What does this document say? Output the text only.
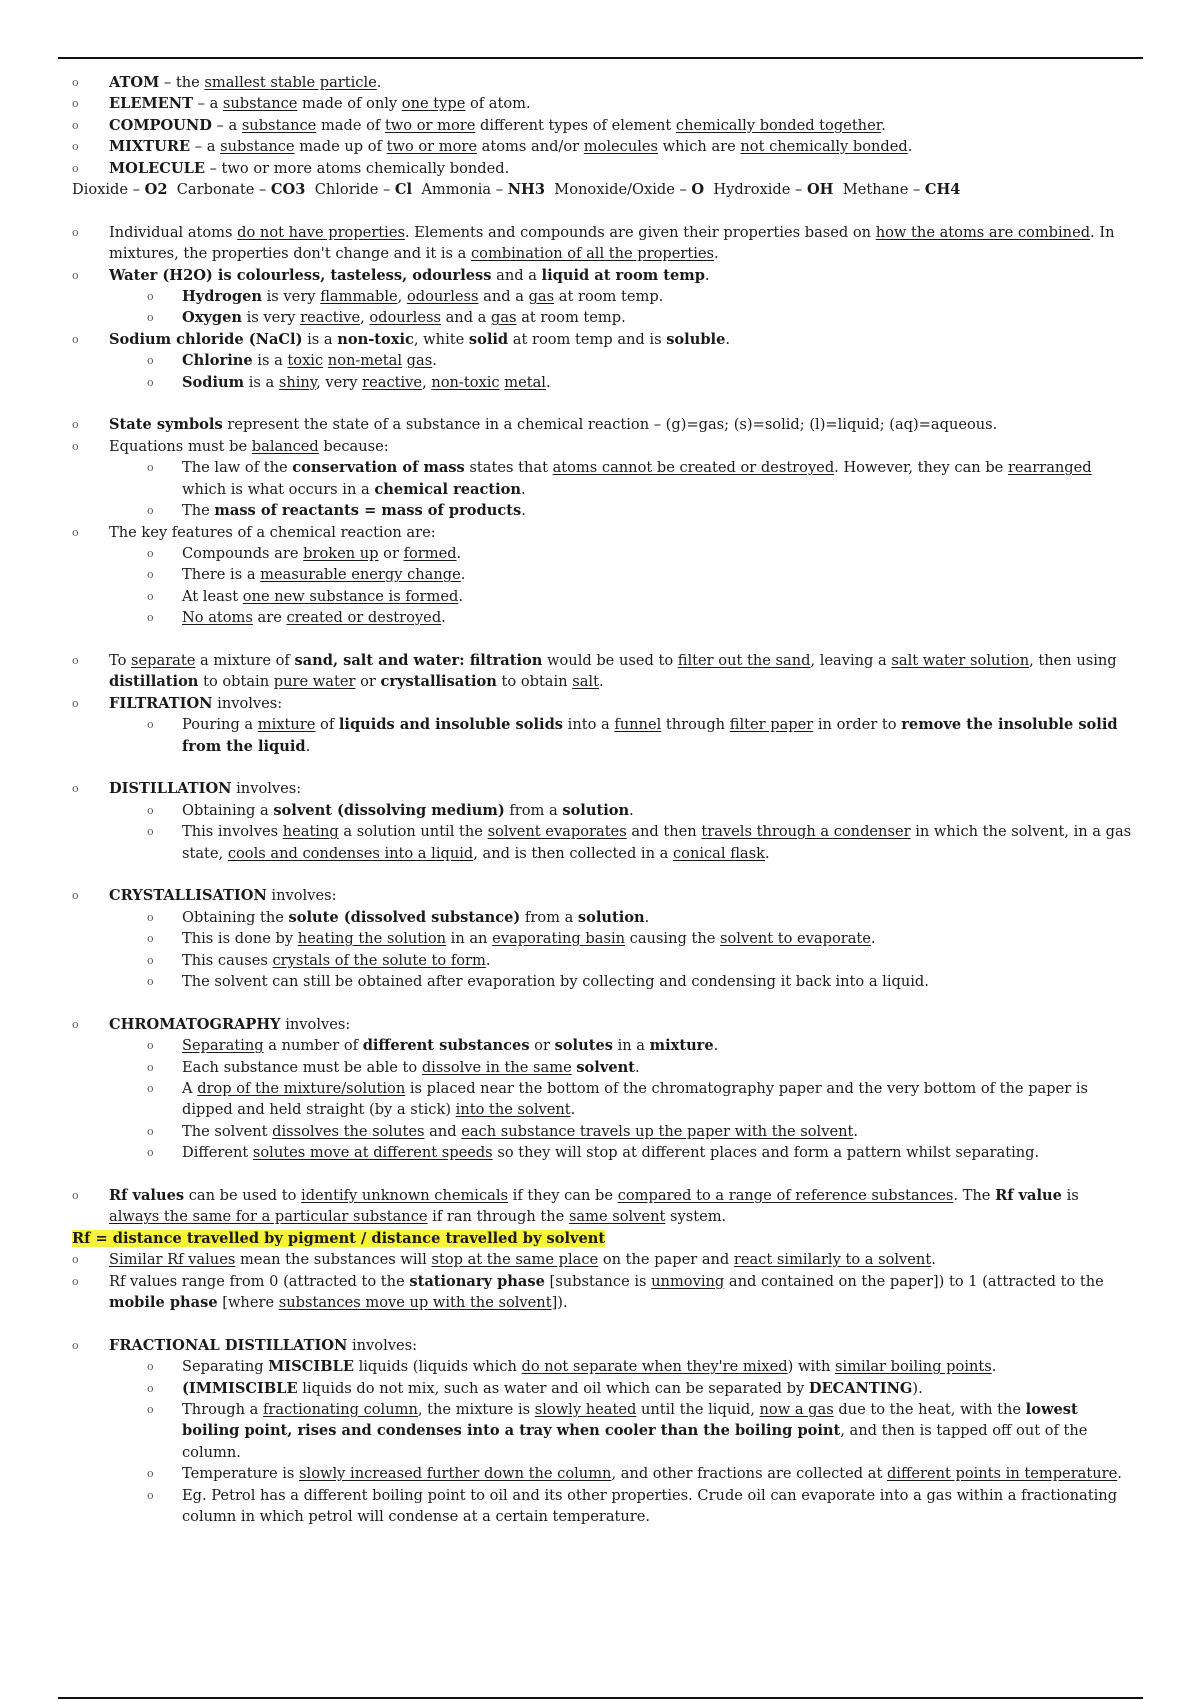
o ATOM – the smallest stable particle.
o ELEMENT – a substance made of only one type of atom.
o COMPOUND – a substance made of two or more different types of element chemically bonded together.
o MIXTURE – a substance made up of two or more atoms and/or molecules which are not chemically bonded.
o MOLECULE – two or more atoms chemically bonded.
Dioxide – O2 Carbonate – CO3 Chloride – Cl Ammonia – NH3 Monoxide/Oxide – O Hydroxide – OH Methane – CH4
o Individual atoms do not have properties. Elements and compounds are given their properties based on how the atoms are combined. In mixtures, the properties don't change and it is a combination of all the properties.
o Water (H2O) is colourless, tasteless, odourless and a liquid at room temp.
o Hydrogen is very flammable, odourless and a gas at room temp.
o Oxygen is very reactive, odourless and a gas at room temp.
o Sodium chloride (NaCl) is a non-toxic, white solid at room temp and is soluble.
o Chlorine is a toxic non-metal gas.
o Sodium is a shiny, very reactive, non-toxic metal.
o State symbols represent the state of a substance in a chemical reaction – (g)=gas; (s)=solid; (l)=liquid; (aq)=aqueous.
o Equations must be balanced because:
o The law of the conservation of mass states that atoms cannot be created or destroyed. However, they can be rearranged which is what occurs in a chemical reaction.
o The mass of reactants = mass of products.
o The key features of a chemical reaction are:
o Compounds are broken up or formed.
o There is a measurable energy change.
o At least one new substance is formed.
o No atoms are created or destroyed.
o To separate a mixture of sand, salt and water: filtration would be used to filter out the sand, leaving a salt water solution, then using distillation to obtain pure water or crystallisation to obtain salt.
o FILTRATION involves:
o Pouring a mixture of liquids and insoluble solids into a funnel through filter paper in order to remove the insoluble solid from the liquid.
o DISTILLATION involves:
o Obtaining a solvent (dissolving medium) from a solution.
o This involves heating a solution until the solvent evaporates and then travels through a condenser in which the solvent, in a gas state, cools and condenses into a liquid, and is then collected in a conical flask.
o CRYSTALLISATION involves:
o Obtaining the solute (dissolved substance) from a solution.
o This is done by heating the solution in an evaporating basin causing the solvent to evaporate.
o This causes crystals of the solute to form.
o The solvent can still be obtained after evaporation by collecting and condensing it back into a liquid.
o CHROMATOGRAPHY involves:
o Separating a number of different substances or solutes in a mixture.
o Each substance must be able to dissolve in the same solvent.
o A drop of the mixture/solution is placed near the bottom of the chromatography paper and the very bottom of the paper is dipped and held straight (by a stick) into the solvent.
o The solvent dissolves the solutes and each substance travels up the paper with the solvent.
o Different solutes move at different speeds so they will stop at different places and form a pattern whilst separating.
o Rf values can be used to identify unknown chemicals if they can be compared to a range of reference substances. The Rf value is always the same for a particular substance if ran through the same solvent system.
Rf = distance travelled by pigment / distance travelled by solvent
o Similar Rf values mean the substances will stop at the same place on the paper and react similarly to a solvent.
o Rf values range from 0 (attracted to the stationary phase [substance is unmoving and contained on the paper]) to 1 (attracted to the mobile phase [where substances move up with the solvent]).
o FRACTIONAL DISTILLATION involves:
o Separating MISCIBLE liquids (liquids which do not separate when they're mixed) with similar boiling points.
o (IMMISCIBLE liquids do not mix, such as water and oil which can be separated by DECANTING).
o Through a fractionating column, the mixture is slowly heated until the liquid, now a gas due to the heat, with the lowest boiling point, rises and condenses into a tray when cooler than the boiling point, and then is tapped off out of the column.
o Temperature is slowly increased further down the column, and other fractions are collected at different points in temperature.
o Eg. Petrol has a different boiling point to oil and its other properties. Crude oil can evaporate into a gas within a fractionating column in which petrol will condense at a certain temperature.
